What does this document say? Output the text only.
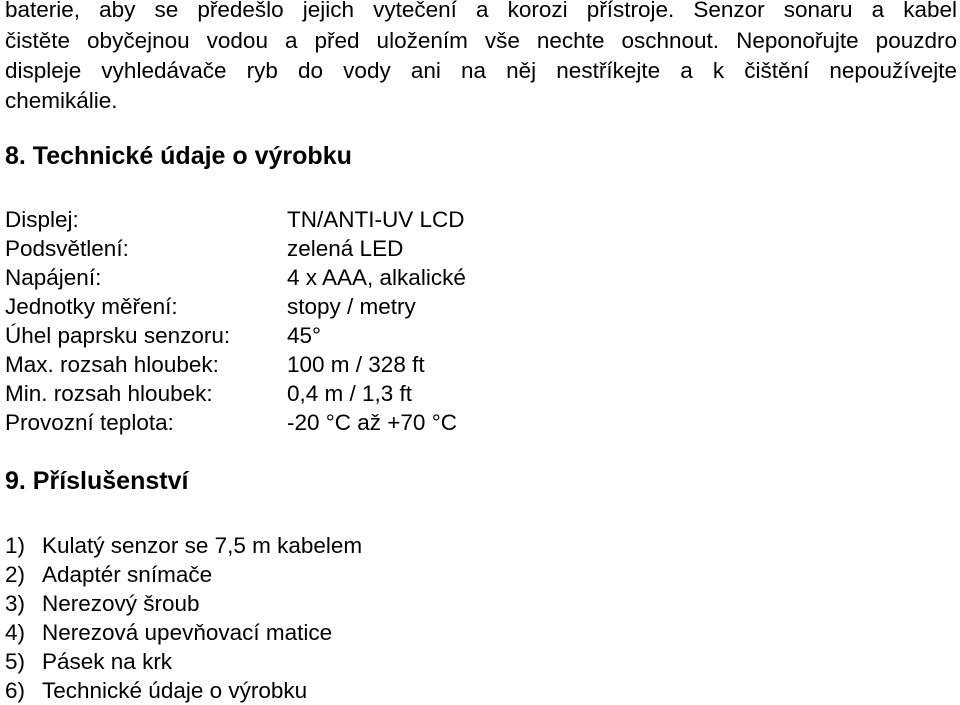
baterie, aby se předešlo jejich vytečení a korozi přístroje. Senzor sonaru a kabel
čistěte obyčejnou vodou a před uložením vše nechte oschnout. Neponořujte pouzdro
displeje vyhledávače ryb do vody ani na něj nestříkejte a k čištění nepoužívejte
chemikálie.
8. Technické údaje o výrobku
Displej:	TN/ANTI-UV LCD
Podsvětlení:	zelená LED
Napájení:	4 x AAA, alkalické
Jednotky měření:	stopy / metry
Úhel paprsku senzoru:	45°
Max. rozsah hloubek:	100 m / 328 ft
Min. rozsah hloubek:	0,4 m / 1,3 ft
Provozní teplota:	-20 °C až +70 °C
9. Příslušenství
1) Kulatý senzor se 7,5 m kabelem
2) Adaptér snímače
3) Nerezový šroub
4) Nerezová upevňovací matice
5) Pásek na krk
6) Technické údaje o výrobku
